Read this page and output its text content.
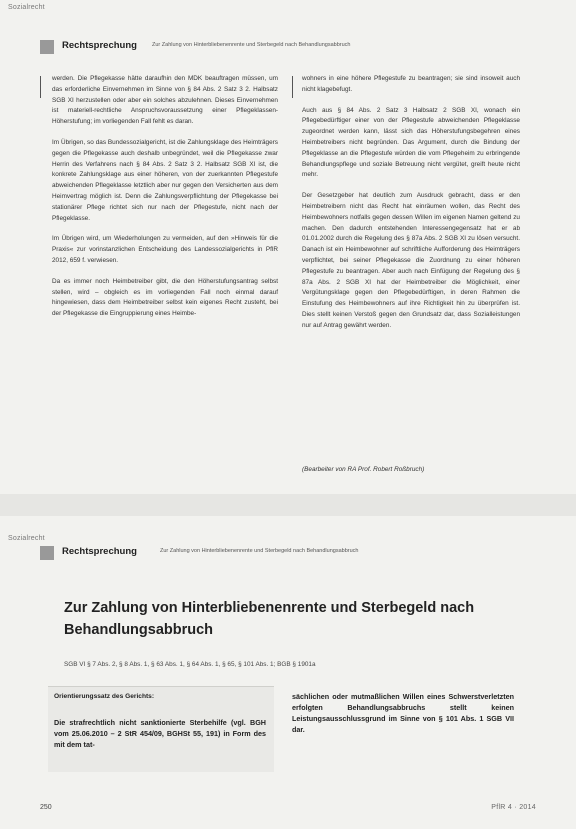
Sozialrecht
Rechtsprechung	Zur Zahlung von Hinterbliebenenrente und Sterbegeld nach Behandlungsabbruch

werden. Die Pflegekasse hätte daraufhin den MDK beauftragen müssen, um das erforderliche Einvernehmen im Sinne von § 84 Abs. 2 Satz 3 2. Halbsatz SGB XI herzustellen oder aber ein solches abzulehnen. Dieses Einvernehmen ist materiell-rechtliche Anspruchsvoraussetzung einer Pflegeklassen-Höherstufung; im vorliegenden Fall fehlt es daran.

Im Übrigen, so das Bundessozialgericht, ist die Zahlungsklage des Heimträgers gegen die Pflegekasse auch deshalb unbegründet, weil die Pflegekasse zwar Herrin des Verfahrens nach § 84 Abs. 2 Satz 3 2. Halbsatz SGB XI ist, die konkrete Zahlungsklage aus einer höheren, von der zuerkannten Pflegestufe abweichenden Pflegeklasse letztlich aber nur gegen den Versicherten aus dem Heimvertrag möglich ist. Denn die Zahlungsverpflichtung der Pflegekasse bei stationärer Pflege richtet sich nur nach der Pflegestufe, nicht nach der Pflegeklasse.

Im Übrigen wird, um Wiederholungen zu vermeiden, auf den »Hinweis für die Praxis« zur vorinstanzlichen Entscheidung des Landessozialgerichts in PflR 2012, 659 f. verwiesen.

Da es immer noch Heimbetreiber gibt, die den Höherstufungsantrag selbst stellen, wird – obgleich es im vorliegenden Fall noch einmal darauf hingewiesen, dass dem Heimbetreiber selbst kein eigenes Recht zusteht, bei der Pflegekasse die Eingruppierung eines Heimbe-

wohners in eine höhere Pflegestufe zu beantragen; sie sind insoweit auch nicht klagebefugt.

Auch aus § 84 Abs. 2 Satz 3 Halbsatz 2 SGB XI, wonach ein Pflegebedürftiger einer von der Pflegestufe abweichenden Pflegeklasse zugeordnet werden kann, lässt sich das Höherstufungsbegehren eines Heimbetreibers nicht begründen. Das Argument, durch die Bindung der Pflegeklasse an die Pflegestufe würden die vom Pflegeheim zu erbringende Behandlungspflege und soziale Betreuung nicht vergütet, greift heute nicht mehr.

Der Gesetzgeber hat deutlich zum Ausdruck gebracht, dass er den Heimbetreibern nicht das Recht hat einräumen wollen, das Recht des Heimbewohners notfalls gegen dessen Willen im eigenen Namen geltend zu machen. Den dadurch entstehenden Interessengegensatz hat er ab 01.01.2002 durch die Regelung des § 87a Abs. 2 SGB XI zu lösen versucht. Danach ist ein Heimbewohner auf schriftliche Aufforderung des Heimträgers verpflichtet, bei seiner Pflegekasse die Zuordnung zu einer höheren Pflegestufe zu beantragen. Aber auch nach Einfügung der Regelung des § 87a Abs. 2 SGB XI hat der Heimbetreiber die Möglichkeit, einer Vergütungsklage gegen den Pflegebedürftigen, in deren Rahmen die Einstufung des Heimbewohners auf ihre Richtigkeit hin zu überprüfen ist. Dies stellt keinen Verstoß gegen den Grundsatz dar, dass Sozialleistungen nur auf Antrag gewährt werden.

(Bearbeiter von RA Prof. Robert Roßbruch)
Sozialrecht
Rechtsprechung	Zur Zahlung von Hinterbliebenenrente und Sterbegeld nach Behandlungsabbruch
Zur Zahlung von Hinterbliebenenrente und Sterbegeld nach Behandlungsabbruch
SGB VI § 7 Abs. 2, § 8 Abs. 1, § 63 Abs. 1, § 64 Abs. 1, § 65, § 101 Abs. 1; BGB § 1901a
Orientierungssatz des Gerichts:
Die strafrechtlich nicht sanktionierte Sterbehilfe (vgl. BGH vom 25.06.2010 – 2 StR 454/09, BGHSt 55, 191) in Form des mit dem tat-
sächlichen oder mutmaßlichen Willen eines Schwerstverletzten erfolgten Behandlungsabbruchs stellt keinen Leistungsausschlussgrund im Sinne von § 101 Abs. 1 SGB VII dar.
250	PflR 4 · 2014
